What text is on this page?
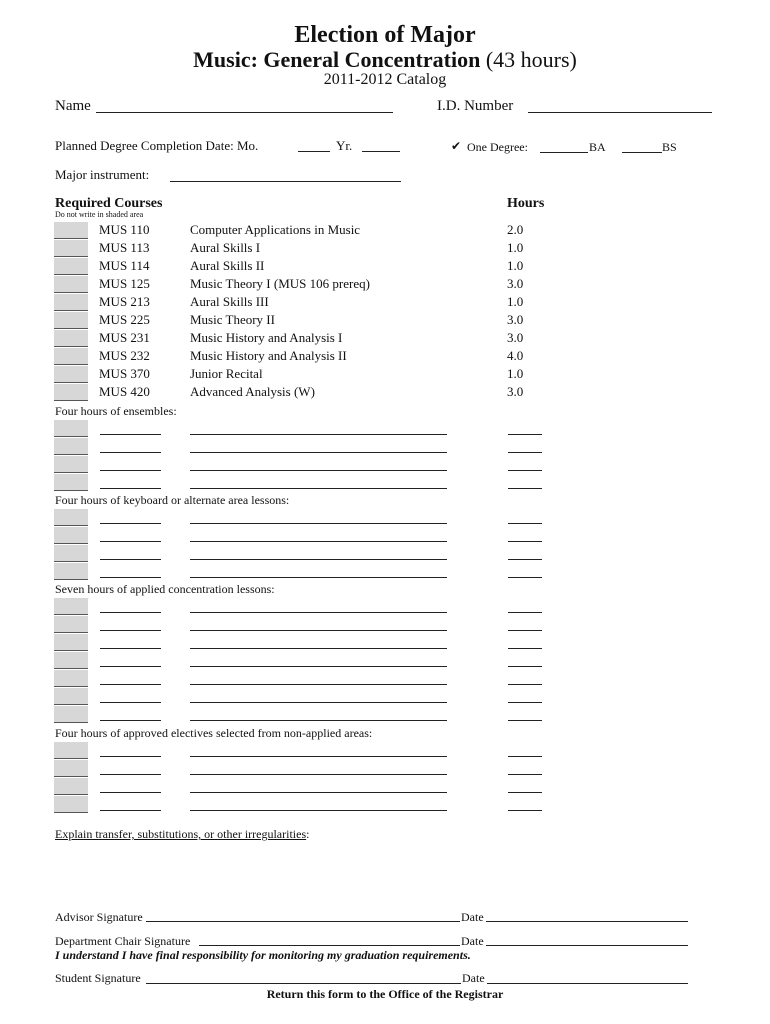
Election of Major
Music: General Concentration (43 hours)
2011-2012 Catalog
Name	I.D. Number
Planned Degree Completion Date: Mo.	Yr.	✔ One Degree:	BA	BS
Major instrument:
Required Courses
Do not write in shaded area
Hours
MUS 110	Computer Applications in Music	2.0
MUS 113	Aural Skills I	1.0
MUS 114	Aural Skills II	1.0
MUS 125	Music Theory I (MUS 106 prereq)	3.0
MUS 213	Aural Skills III	1.0
MUS 225	Music Theory II	3.0
MUS 231	Music History and Analysis I	3.0
MUS 232	Music History and Analysis II	4.0
MUS 370	Junior Recital	1.0
MUS 420	Advanced Analysis (W)	3.0
Four hours of ensembles:
Four hours of keyboard or alternate area lessons:
Seven hours of applied concentration lessons:
Four hours of approved electives selected from non-applied areas:
Explain transfer, substitutions, or other irregularities:
Advisor Signature	Date
Department Chair Signature	Date
I understand I have final responsibility for monitoring my graduation requirements.
Student Signature	Date
Return this form to the Office of the Registrar
